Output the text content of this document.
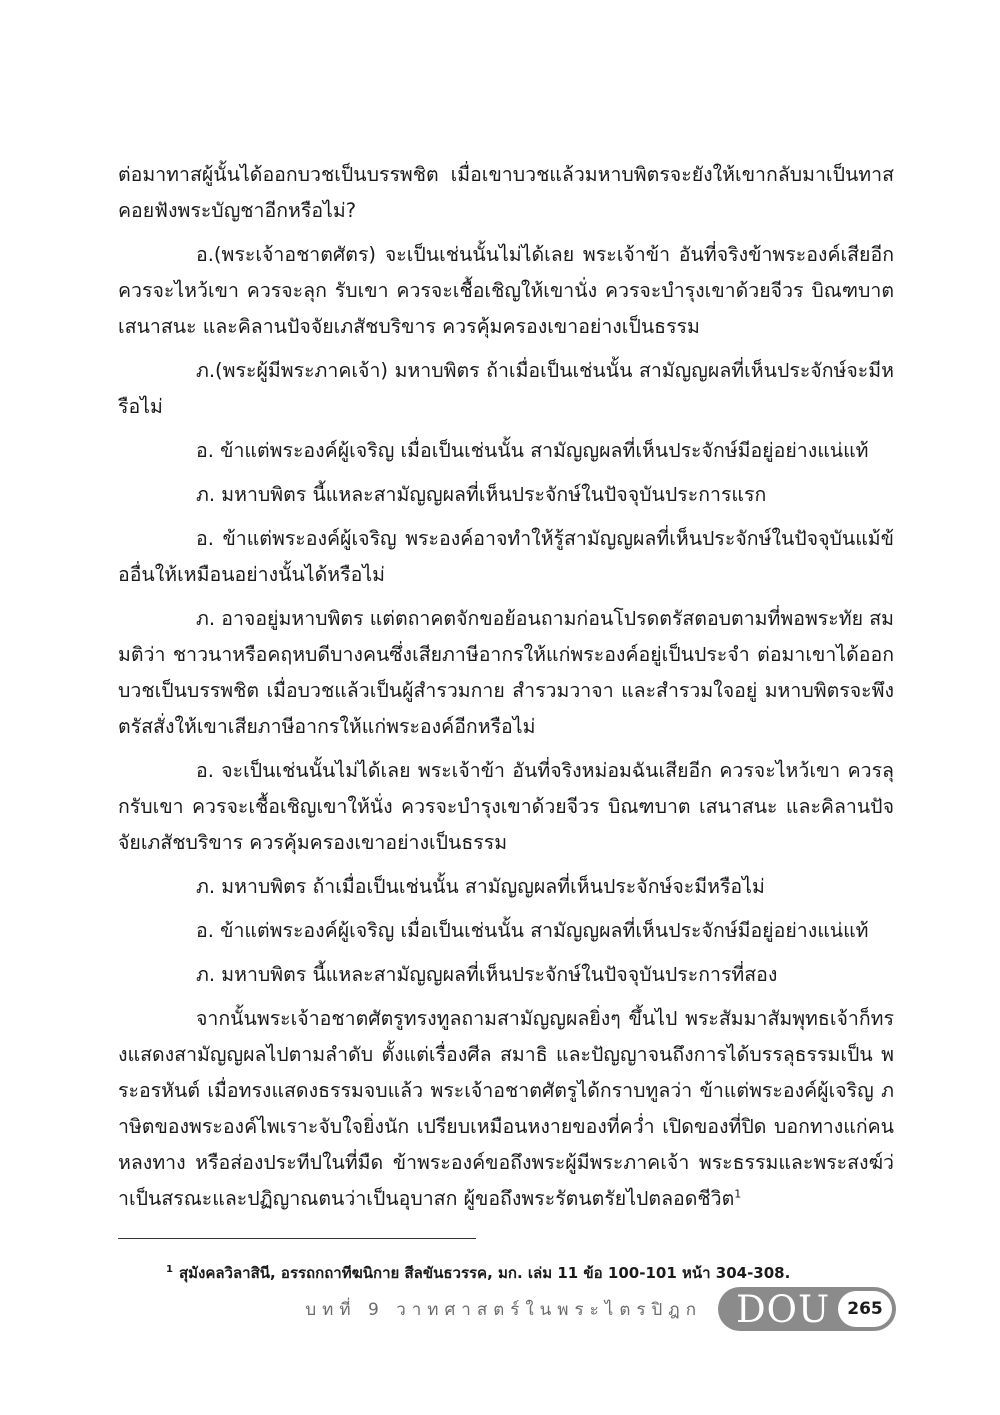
ต่อมาทาสผู้นั้นได้ออกบวชเป็นบรรพชิต เมื่อเขาบวชแล้วมหาบพิตรจะยังให้เขากลับมาเป็นทาสคอยฟังพระบัญชาอีกหรือไม่?

อ.(พระเจ้าอชาตศัตร) จะเป็นเช่นนั้นไม่ได้เลย พระเจ้าข้า อันที่จริงข้าพระองค์เสียอีก ควรจะไหว้เขา ควรจะลุก รับเขา ควรจะเชื้อเชิญให้เขานั่ง ควรจะบำรุงเขาด้วยจีวร บิณฑบาต เสนาสนะ และคิลานปัจจัยเภสัชบริขาร ควรคุ้มครองเขาอย่างเป็นธรรม

ภ.(พระผู้มีพระภาคเจ้า) มหาบพิตร ถ้าเมื่อเป็นเช่นนั้น สามัญญผลที่เห็นประจักษ์จะมีหรือไม่

อ. ข้าแต่พระองค์ผู้เจริญ เมื่อเป็นเช่นนั้น สามัญญผลที่เห็นประจักษ์มีอยู่อย่างแน่แท้

ภ. มหาบพิตร นี้แหละสามัญญผลที่เห็นประจักษ์ในปัจจุบันประการแรก

อ. ข้าแต่พระองค์ผู้เจริญ พระองค์อาจทำให้รู้สามัญญผลที่เห็นประจักษ์ในปัจจุบันแม้ข้ออื่นให้เหมือนอย่างนั้นได้หรือไม่

ภ. อาจอยู่มหาบพิตร แต่ตถาคตจักขอย้อนถามก่อนโปรดตรัสตอบตามที่พอพระทัย สมมติว่า ชาวนาหรือคฤหบดีบางคนซึ่งเสียภาษีอากรให้แก่พระองค์อยู่เป็นประจำ ต่อมาเขาได้ออกบวชเป็นบรรพชิต เมื่อบวชแล้วเป็นผู้สำรวมกาย สำรวมวาจา และสำรวมใจอยู่ มหาบพิตรจะพึงตรัสสั่งให้เขาเสียภาษีอากรให้แก่พระองค์อีกหรือไม่

อ. จะเป็นเช่นนั้นไม่ได้เลย พระเจ้าข้า อันที่จริงหม่อมฉันเสียอีก ควรจะไหว้เขา ควรลุกรับเขา ควรจะเชื้อเชิญเขาให้นั่ง ควรจะบำรุงเขาด้วยจีวร บิณฑบาต เสนาสนะ และคิลานปัจจัยเภสัชบริขาร ควรคุ้มครองเขาอย่างเป็นธรรม

ภ. มหาบพิตร ถ้าเมื่อเป็นเช่นนั้น สามัญญผลที่เห็นประจักษ์จะมีหรือไม่

อ. ข้าแต่พระองค์ผู้เจริญ เมื่อเป็นเช่นนั้น สามัญญผลที่เห็นประจักษ์มีอยู่อย่างแน่แท้

ภ. มหาบพิตร นี้แหละสามัญญผลที่เห็นประจักษ์ในปัจจุบันประการที่สอง

จากนั้นพระเจ้าอชาตศัตรูทรงทูลถามสามัญญผลยิ่งๆ ขึ้นไป พระสัมมาสัมพุทธเจ้าก็ทรงแสดงสามัญญผลไปตามลำดับ ตั้งแต่เรื่องศีล สมาธิ และปัญญาจนถึงการได้บรรลุธรรมเป็น พระอรหันต์ เมื่อทรงแสดงธรรมจบแล้ว พระเจ้าอชาตศัตรูได้กราบทูลว่า ข้าแต่พระองค์ผู้เจริญ ภาษิตของพระองค์ไพเราะจับใจยิ่งนัก เปรียบเหมือนหงายของที่คว่ำ เปิดของที่ปิด บอกทางแก่คนหลงทาง หรือส่องประทีปในที่มืด ข้าพระองค์ขอถึงพระผู้มีพระภาคเจ้า พระธรรมและพระสงฆ์ว่าเป็นสรณะและปฏิญาณตนว่าเป็นอุบาสก ผู้ขอถึงพระรัตนตรัยไปตลอดชีวิต$^1$

$^1$ สุมังคลวิลาสินี, อรรถกถาทีฆนิกาย สีลขันธวรรค, มก. เล่ม 11 ข้อ 100-101 หน้า 304-308.
บทที่ 9 วาทศาสตร์ในพระไตรปิฎก DOU	265
